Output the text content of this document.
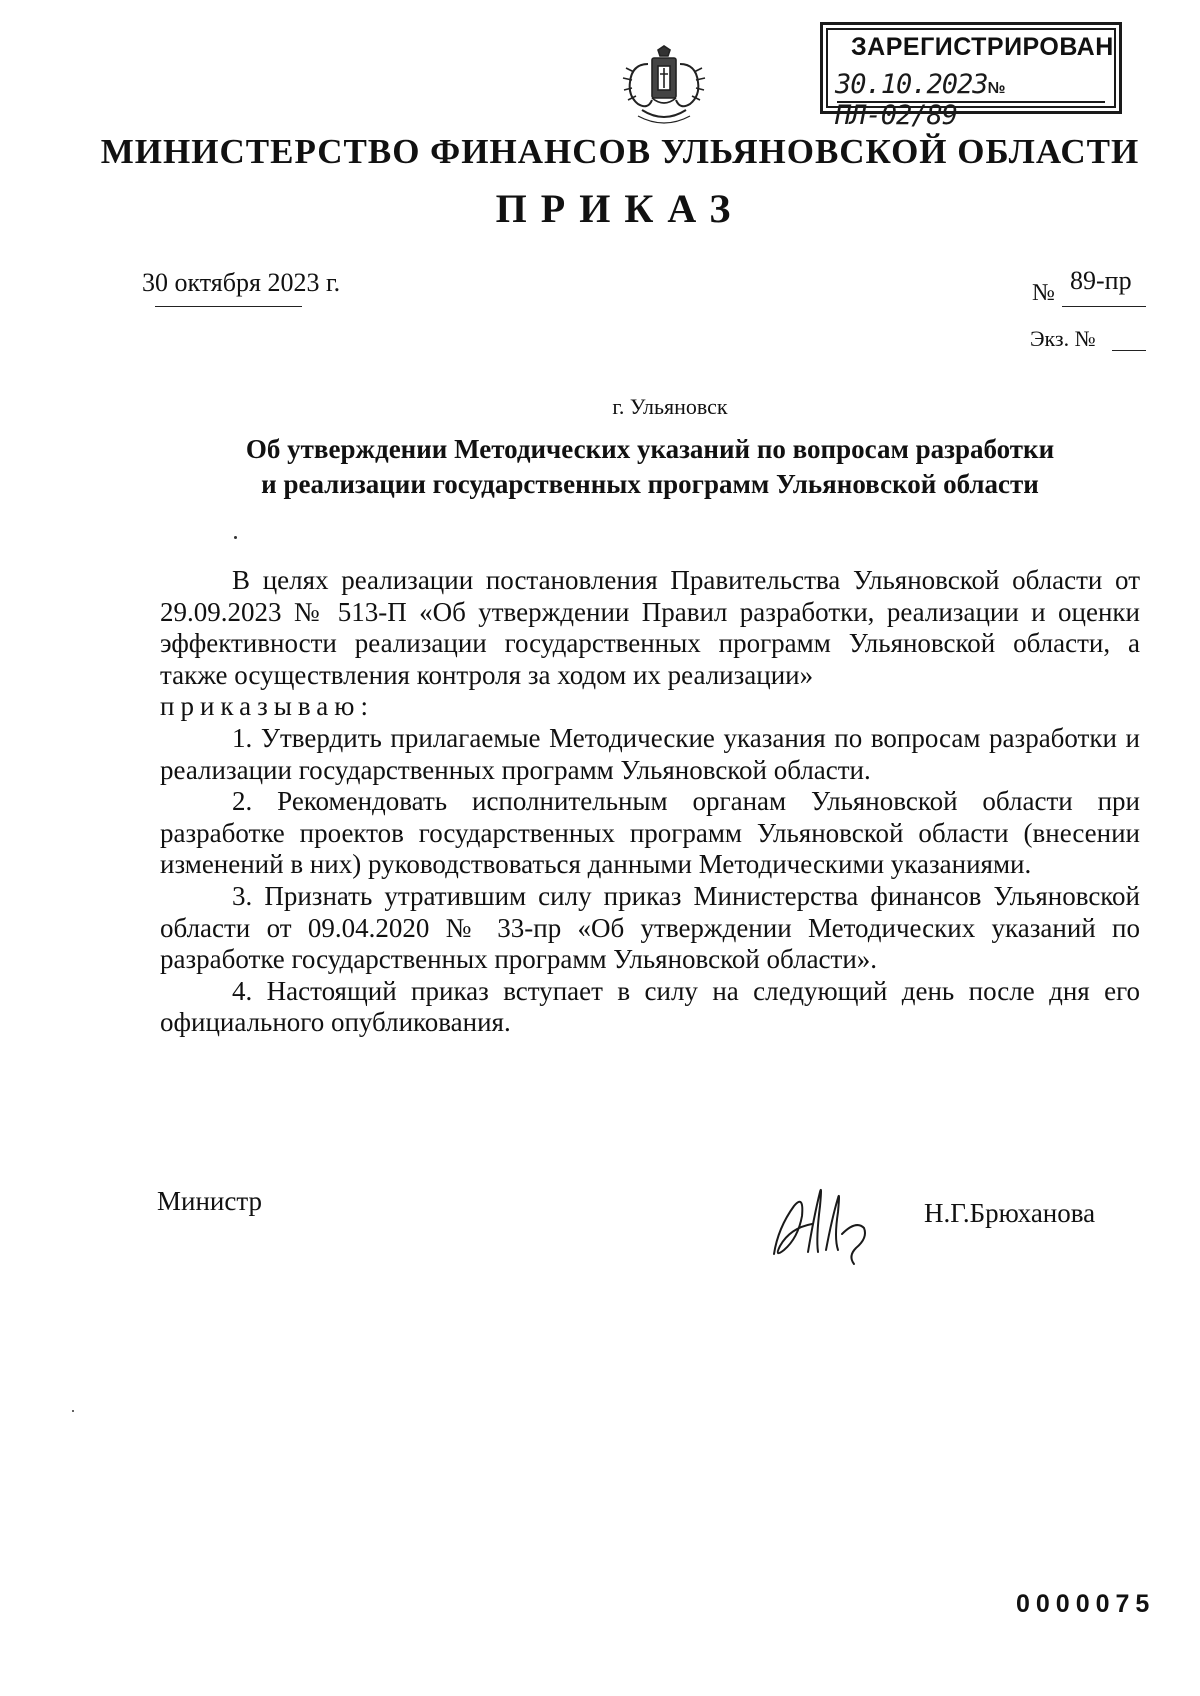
ЗАРЕГИСТРИРОВАН
30.10.2023№ ПЛ-02/89
МИНИСТЕРСТВО ФИНАНСОВ УЛЬЯНОВСКОЙ ОБЛАСТИ
ПРИКАЗ
30 октября 2023 г.	№ 89-пр
Экз. №
г. Ульяновск
Об утверждении Методических указаний по вопросам разработки
и реализации государственных программ Ульяновской области

В целях реализации постановления Правительства Ульяновской области от 29.09.2023 № 513-П «Об утверждении Правил разработки, реализации и оценки эффективности реализации государственных программ Ульяновской области, а также осуществления контроля за ходом их реализации»

приказываю:

1. Утвердить прилагаемые Методические указания по вопросам разработки и реализации государственных программ Ульяновской области.

2. Рекомендовать исполнительным органам Ульяновской области при разработке проектов государственных программ Ульяновской области (внесении изменений в них) руководствоваться данными Методическими указаниями.

3. Признать утратившим силу приказ Министерства финансов Ульяновской области от 09.04.2020 № 33-пр «Об утверждении Методических указаний по разработке государственных программ Ульяновской области».

4. Настоящий приказ вступает в силу на следующий день после дня его официального опубликования.

Министр	Н.Г.Брюханова
0000075
